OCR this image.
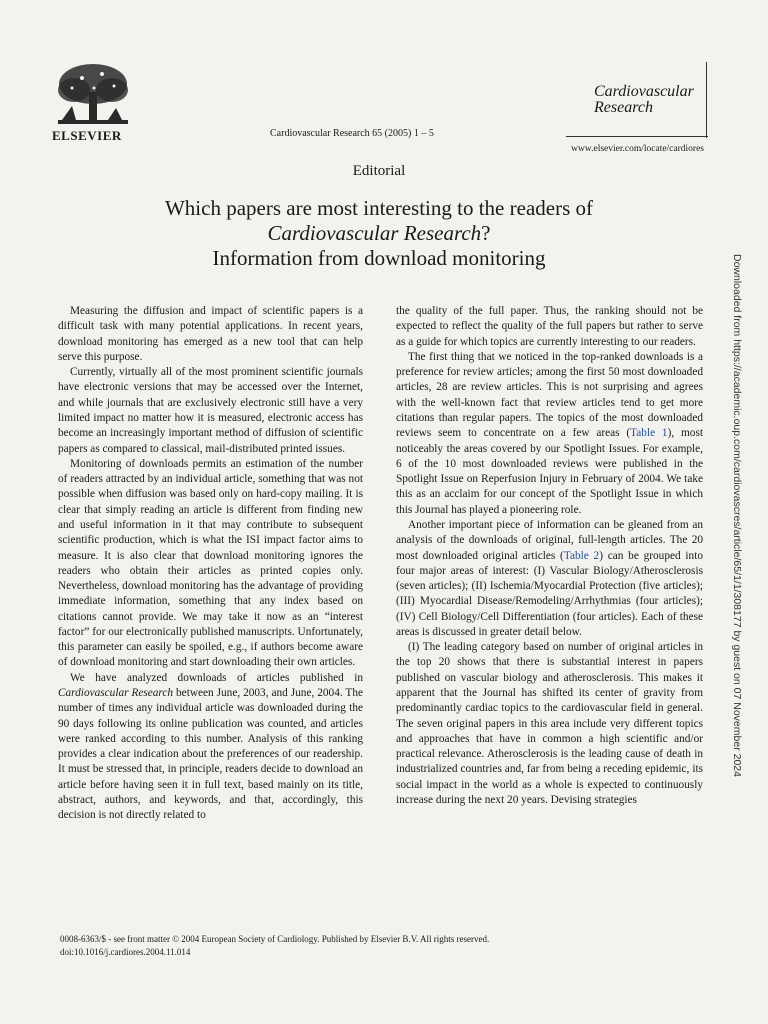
ELSEVIER	Cardiovascular Research 65 (2005) 1 – 5
Cardiovascular
Research
www.elsevier.com/locate/cardiores
Editorial
Which papers are most interesting to the readers of
Cardiovascular Research?
Information from download monitoring

Measuring the diffusion and impact of scientific papers is a difficult task with many potential applications. In recent years, download monitoring has emerged as a new tool that can help serve this purpose.

Currently, virtually all of the most prominent scientific journals have electronic versions that may be accessed over the Internet, and while journals that are exclusively electronic still have a very limited impact no matter how it is measured, electronic access has become an increasingly important method of diffusion of scientific papers as compared to classical, mail-distributed printed issues.

Monitoring of downloads permits an estimation of the number of readers attracted by an individual article, something that was not possible when diffusion was based only on hard-copy mailing. It is clear that simply reading an article is different from finding new and useful information in it that may contribute to subsequent scientific production, which is what the ISI impact factor aims to measure. It is also clear that download monitoring ignores the readers who obtain their articles as printed copies only. Nevertheless, download monitoring has the advantage of providing immediate information, something that any index based on citations cannot provide. We may take it now as an “interest factor” for our electronically published manuscripts. Unfortunately, this parameter can easily be spoiled, e.g., if authors become aware of download monitoring and start downloading their own articles.

We have analyzed downloads of articles published in Cardiovascular Research between June, 2003, and June, 2004. The number of times any individual article was downloaded during the 90 days following its online publication was counted, and articles were ranked according to this number. Analysis of this ranking provides a clear indication about the preferences of our readership. It must be stressed that, in principle, readers decide to download an article before having seen it in full text, based mainly on its title, abstract, authors, and keywords, and that, accordingly, this decision is not directly related to

the quality of the full paper. Thus, the ranking should not be expected to reflect the quality of the full papers but rather to serve as a guide for which topics are currently interesting to our readers.

The first thing that we noticed in the top-ranked downloads is a preference for review articles; among the first 50 most downloaded articles, 28 are review articles. This is not surprising and agrees with the well-known fact that review articles tend to get more citations than regular papers. The topics of the most downloaded reviews seem to concentrate on a few areas (Table 1), most noticeably the areas covered by our Spotlight Issues. For example, 6 of the 10 most downloaded reviews were published in the Spotlight Issue on Reperfusion Injury in February of 2004. We take this as an acclaim for our concept of the Spotlight Issue in which this Journal has played a pioneering role.

Another important piece of information can be gleaned from an analysis of the downloads of original, full-length articles. The 20 most downloaded original articles (Table 2) can be grouped into four major areas of interest: (I) Vascular Biology/Atherosclerosis (seven articles); (II) Ischemia/Myocardial Protection (five articles); (III) Myocardial Disease/Remodeling/Arrhythmias (four articles); (IV) Cell Biology/Cell Differentiation (four articles). Each of these areas is discussed in greater detail below.

(I) The leading category based on number of original articles in the top 20 shows that there is substantial interest in papers published on vascular biology and atherosclerosis. This makes it apparent that the Journal has shifted its center of gravity from predominantly cardiac topics to the cardiovascular field in general. The seven original papers in this area include very different topics and approaches that have in common a high scientific and/or practical relevance. Atherosclerosis is the leading cause of death in industrialized countries and, far from being a receding epidemic, its social impact in the world as a whole is expected to continuously increase during the next 20 years. Devising strategies

0008-6363/$ - see front matter © 2004 European Society of Cardiology. Published by Elsevier B.V. All rights reserved.
doi:10.1016/j.cardiores.2004.11.014
Downloaded from https://academic.oup.com/cardiovascres/article/65/1/1/308177 by guest on 07 November 2024
